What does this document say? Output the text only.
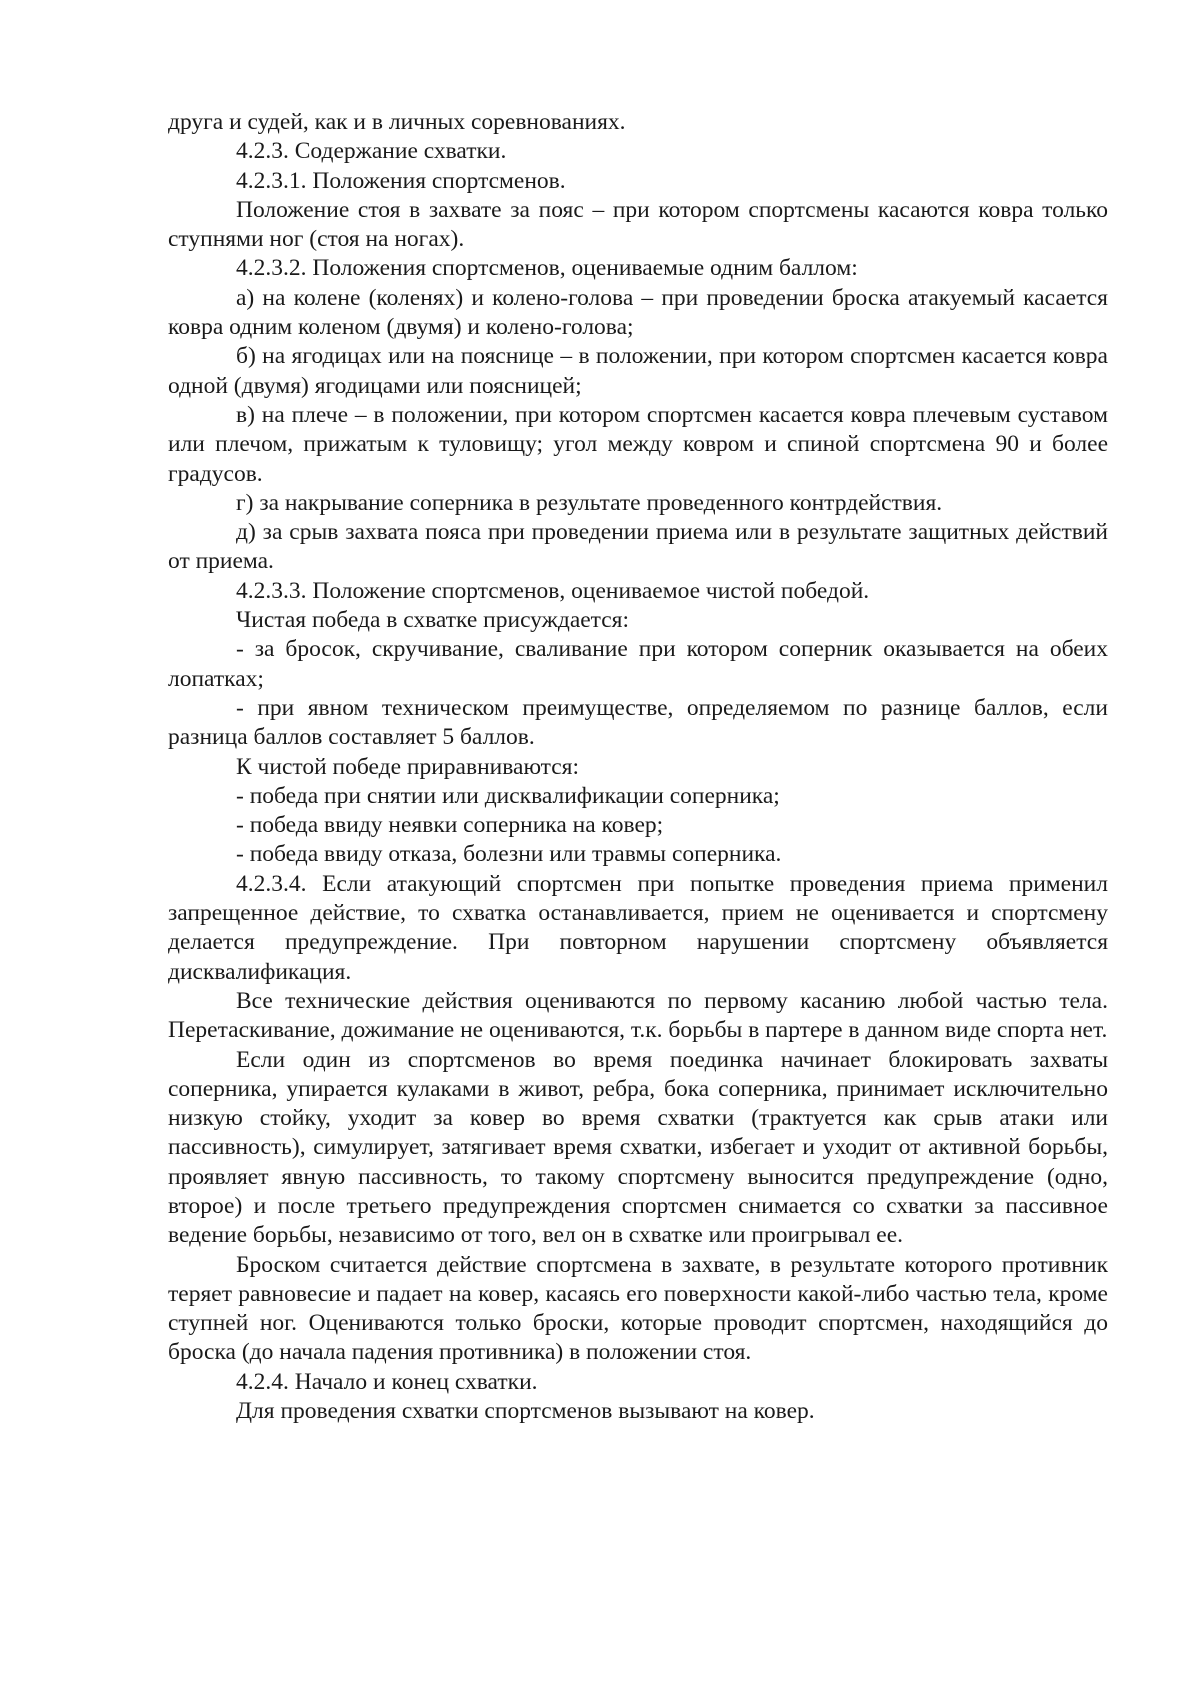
друга и судей, как и в личных соревнованиях.

4.2.3. Содержание схватки.

4.2.3.1. Положения спортсменов.

Положение стоя в захвате за пояс – при котором спортсмены касаются ковра только ступнями ног (стоя на ногах).

4.2.3.2. Положения спортсменов, оцениваемые одним баллом:

а) на колене (коленях) и колено-голова – при проведении броска атакуемый касается ковра одним коленом (двумя) и колено-голова;

б) на ягодицах или на пояснице – в положении, при котором спортсмен касается ковра одной (двумя) ягодицами или поясницей;

в) на плече – в положении, при котором спортсмен касается ковра плечевым суставом или плечом, прижатым к туловищу; угол между ковром и спиной спортсмена 90 и более градусов.

г) за накрывание соперника в результате проведенного контрдействия.

д) за срыв захвата пояса при проведении приема или в результате защитных действий от приема.

4.2.3.3. Положение спортсменов, оцениваемое чистой победой.

Чистая победа в схватке присуждается:

- за бросок, скручивание, сваливание при котором соперник оказывается на обеих лопатках;

- при явном техническом преимуществе, определяемом по разнице баллов, если разница баллов составляет 5 баллов.

К чистой победе приравниваются:

- победа при снятии или дисквалификации соперника;

- победа ввиду неявки соперника на ковер;

- победа ввиду отказа, болезни или травмы соперника.

4.2.3.4. Если атакующий спортсмен при попытке проведения приема применил запрещенное действие, то схватка останавливается, прием не оценивается и спортсмену делается предупреждение. При повторном нарушении спортсмену объявляется дисквалификация.

Все технические действия оцениваются по первому касанию любой частью тела. Перетаскивание, дожимание не оцениваются, т.к. борьбы в партере в данном виде спорта нет.

Если один из спортсменов во время поединка начинает блокировать захваты соперника, упирается кулаками в живот, ребра, бока соперника, принимает исключительно низкую стойку, уходит за ковер во время схватки (трактуется как срыв атаки или пассивность), симулирует, затягивает время схватки, избегает и уходит от активной борьбы, проявляет явную пассивность, то такому спортсмену выносится предупреждение (одно, второе) и после третьего предупреждения спортсмен снимается со схватки за пассивное ведение борьбы, независимо от того, вел он в схватке или проигрывал ее.

Броском считается действие спортсмена в захвате, в результате которого противник теряет равновесие и падает на ковер, касаясь его поверхности какой-либо частью тела, кроме ступней ног. Оцениваются только броски, которые проводит спортсмен, находящийся до броска (до начала падения противника) в положении стоя.

4.2.4. Начало и конец схватки.

Для проведения схватки спортсменов вызывают на ковер.
